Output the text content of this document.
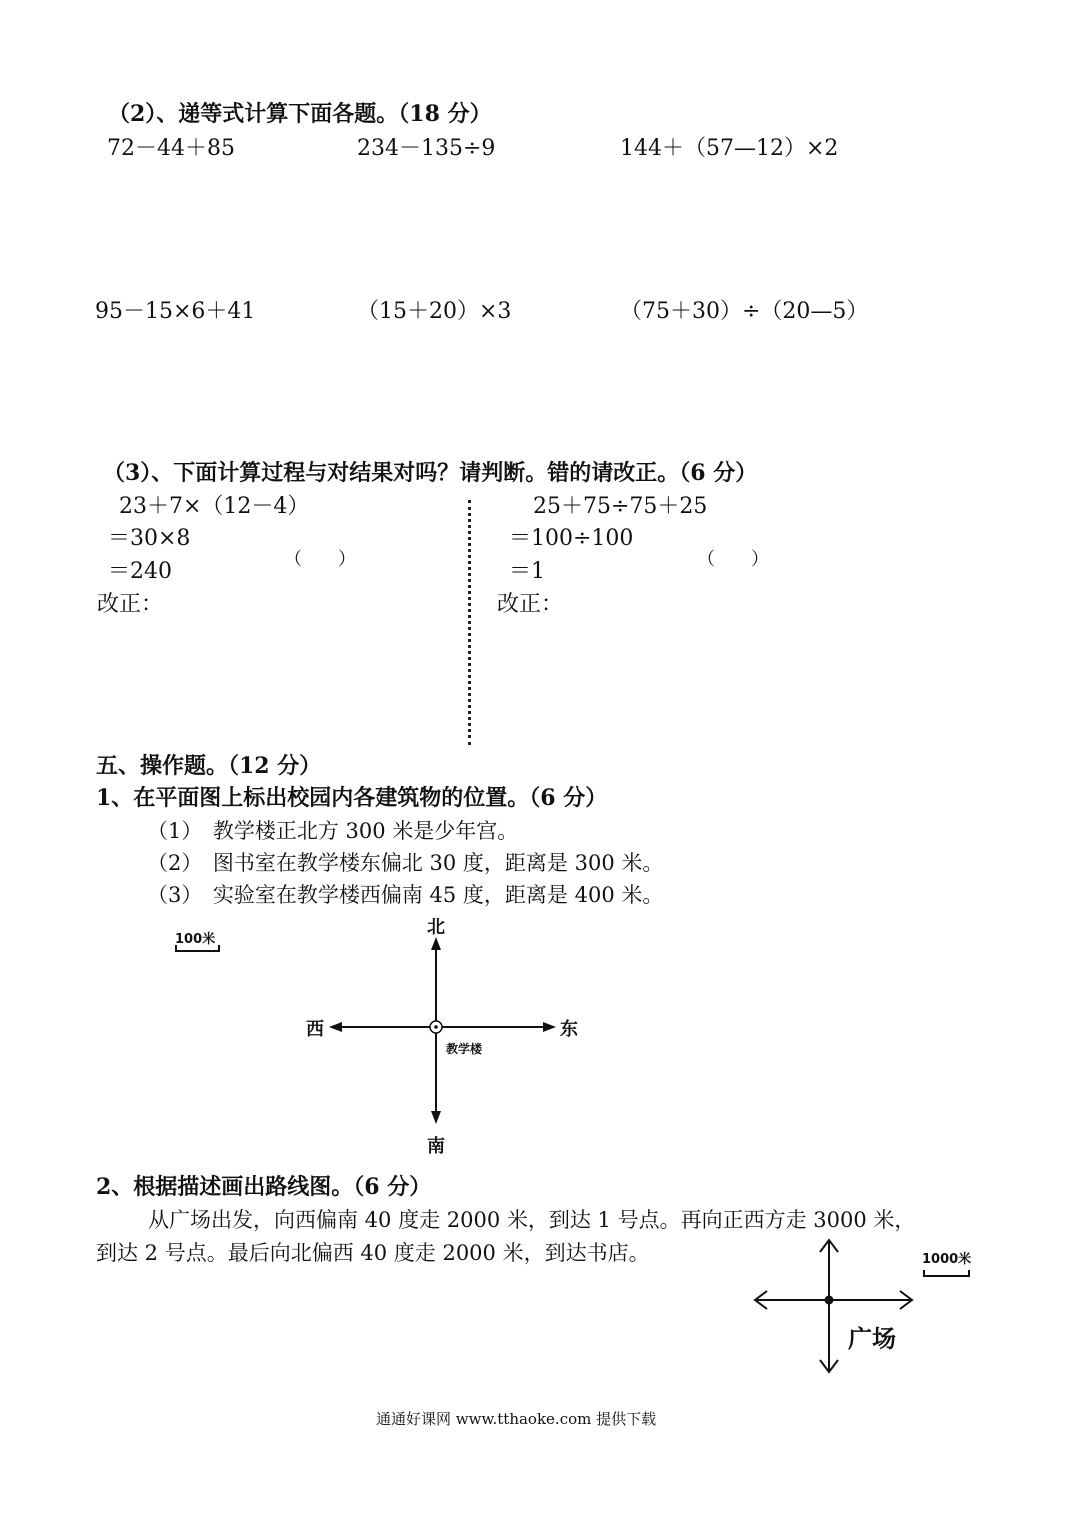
（2）、递等式计算下面各题。（18 分）
72－44＋85	234－135÷9	144＋（57—12）×2
95－15×6＋41	（15＋20）×3	（75＋30）÷（20—5）
（3）、下面计算过程与对结果对吗？请判断。错的请改正。（6 分）
23＋7×（12－4）
＝30×8
＝240	（　　）
改正：
25＋75÷75＋25
＝100÷100
＝1	（　　）
改正：
五、操作题。（12 分）
1、在平面图上标出校园内各建筑物的位置。（6 分）
（1）　教学楼正北方 300 米是少年宫。
（2）　图书室在教学楼东偏北 30 度，距离是 300 米。
（3）　实验室在教学楼西偏南 45 度，距离是 400 米。
100米
北
南
东
西
教学楼
2、根据描述画出路线图。（6 分）
从广场出发，向西偏南 40 度走 2000 米，到达 1 号点。再向正西方走 3000 米，
到达 2 号点。最后向北偏西 40 度走 2000 米，到达书店。	1000米
广场
通通好课网 www.tthaoke.com 提供下载
